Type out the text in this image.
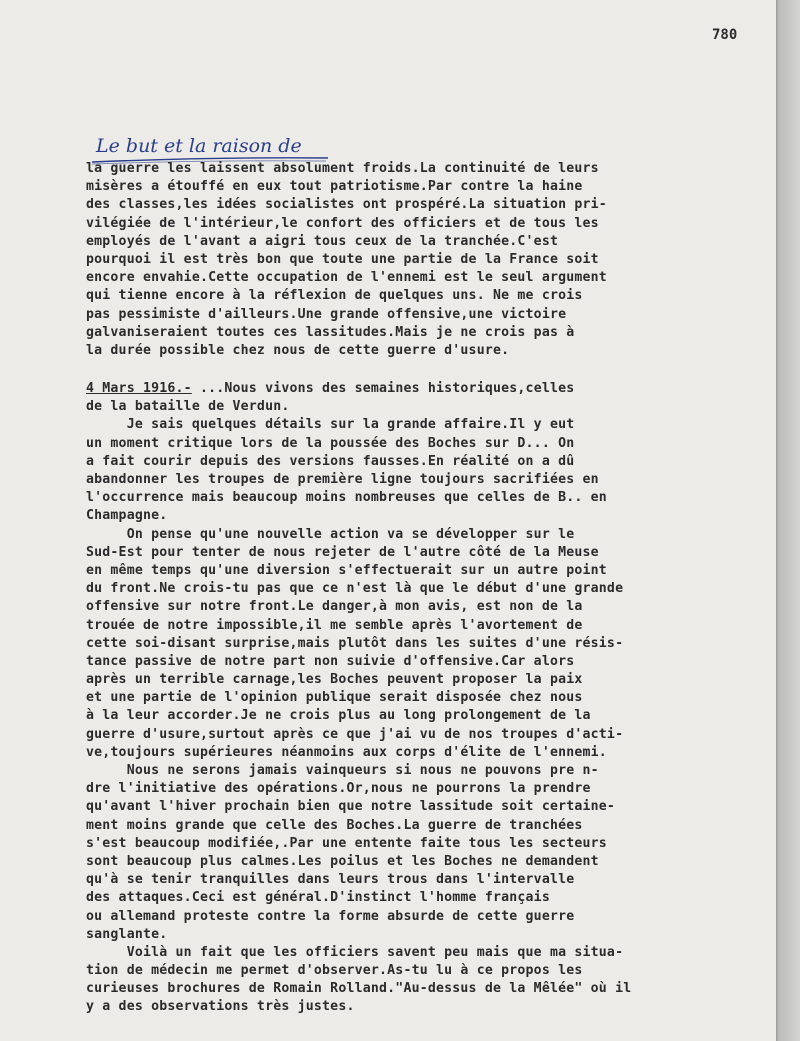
780
Le but et la raison de
la guerre les laissent absolument froids.La continuité de leurs
misères a étouffé en eux tout patriotisme.Par contre la haine
des classes,les idées socialistes ont prospéré.La situation pri-
vilégiée de l'intérieur,le confort des officiers et de tous les
employés de l'avant a aigri tous ceux de la tranchée.C'est
pourquoi il est très bon que toute une partie de la France soit
encore envahie.Cette occupation de l'ennemi est le seul argument
qui tienne encore à la réflexion de quelques uns. Ne me crois
pas pessimiste d'ailleurs.Une grande offensive,une victoire
galvaniseraient toutes ces lassitudes.Mais je ne crois pas à
la durée possible chez nous de cette guerre d'usure.
4 Mars 1916.- ...Nous vivons des semaines historiques,celles
de la bataille de Verdun.
Je sais quelques détails sur la grande affaire.Il y eut
un moment critique lors de la poussée des Boches sur D... On
a fait courir depuis des versions fausses.En réalité on a dû
abandonner les troupes de première ligne toujours sacrifiées en
l'occurrence mais beaucoup moins nombreuses que celles de B.. en
Champagne.
On pense qu'une nouvelle action va se développer sur le
Sud-Est pour tenter de nous rejeter de l'autre côté de la Meuse
en même temps qu'une diversion s'effectuerait sur un autre point
du front.Ne crois-tu pas que ce n'est là que le début d'une grande
offensive sur notre front.Le danger,à mon avis, est non de la
trouée de notre impossible,il me semble après l'avortement de
cette soi-disant surprise,mais plutôt dans les suites d'une résis-
tance passive de notre part non suivie d'offensive.Car alors
après un terrible carnage,les Boches peuvent proposer la paix
et une partie de l'opinion publique serait disposée chez nous
à la leur accorder.Je ne crois plus au long prolongement de la
guerre d'usure,surtout après ce que j'ai vu de nos troupes d'acti-
ve,toujours supérieures néanmoins aux corps d'élite de l'ennemi.
Nous ne serons jamais vainqueurs si nous ne pouvons pre n-
dre l'initiative des opérations.Or,nous ne pourrons la prendre
qu'avant l'hiver prochain bien que notre lassitude soit certaine-
ment moins grande que celle des Boches.La guerre de tranchées
s'est beaucoup modifiée,.Par une entente faite tous les secteurs
sont beaucoup plus calmes.Les poilus et les Boches ne demandent
qu'à se tenir tranquilles dans leurs trous dans l'intervalle
des attaques.Ceci est général.D'instinct l'homme français
ou allemand proteste contre la forme absurde de cette guerre
sanglante.
Voilà un fait que les officiers savent peu mais que ma situa-
tion de médecin me permet d'observer.As-tu lu à ce propos les
curieuses brochures de Romain Rolland."Au-dessus de la Mêlée" où il
y a des observations très justes.
